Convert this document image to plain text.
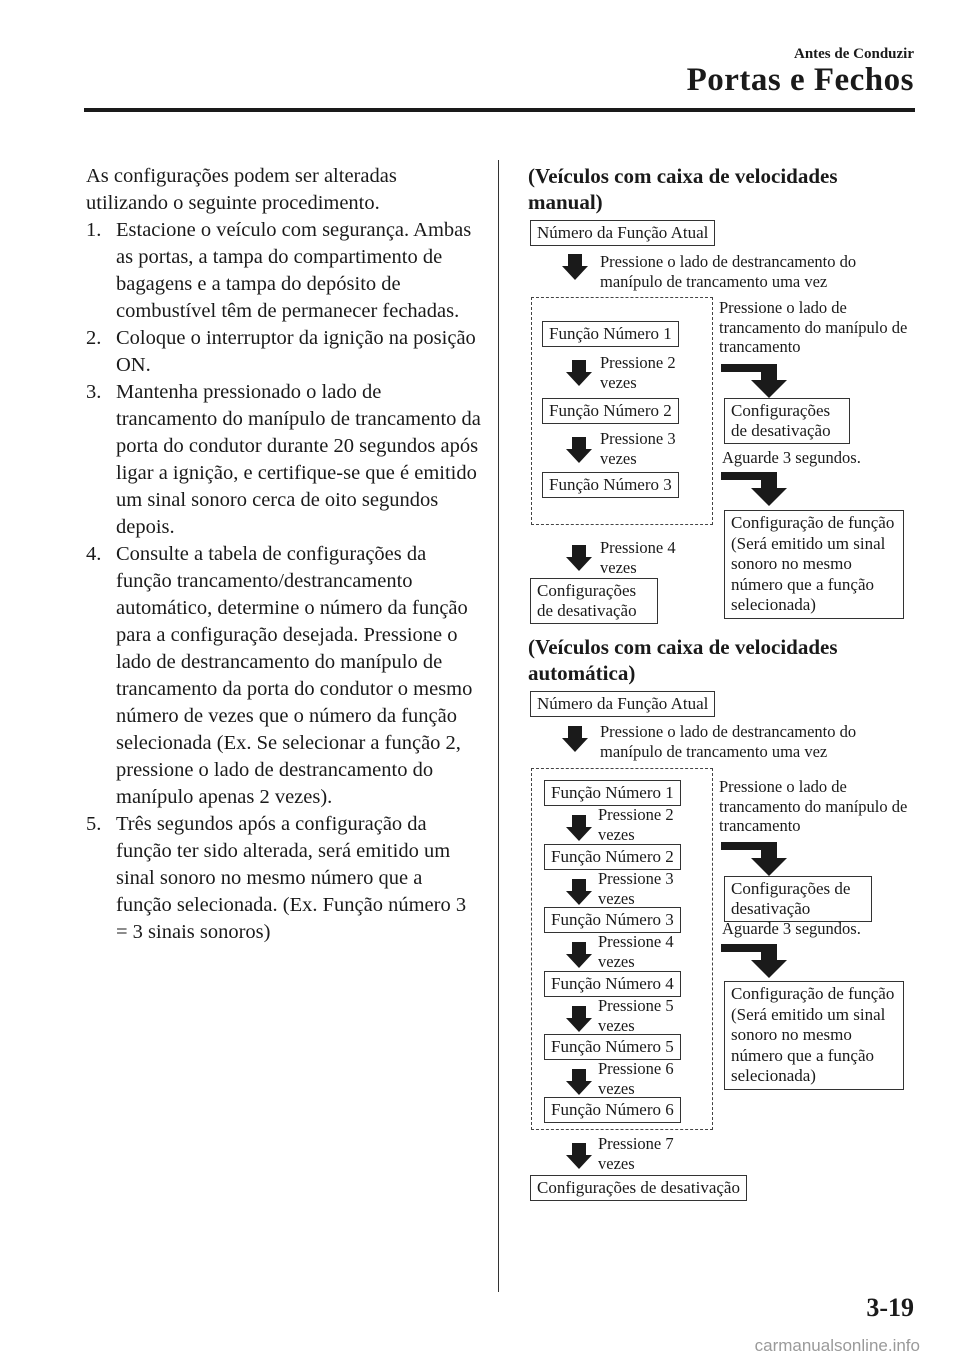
Antes de Conduzir
Portas e Fechos

As configurações podem ser alteradas utilizando o seguinte procedimento.

1. Estacione o veículo com segurança. Ambas as portas, a tampa do compartimento de bagagens e a tampa do depósito de combustível têm de permanecer fechadas.
2. Coloque o interruptor da ignição na posição ON.
3. Mantenha pressionado o lado de trancamento do manípulo de trancamento da porta do condutor durante 20 segundos após ligar a ignição, e certifique-se que é emitido um sinal sonoro cerca de oito segundos depois.
4. Consulte a tabela de configurações da função trancamento/destrancamento automático, determine o número da função para a configuração desejada. Pressione o lado de destrancamento do manípulo de trancamento da porta do condutor o mesmo número de vezes que o número da função selecionada (Ex. Se selecionar a função 2, pressione o lado de destrancamento do manípulo apenas 2 vezes).
5. Três segundos após a configuração da função ter sido alterada, será emitido um sinal sonoro no mesmo número que a função selecionada. (Ex. Função número 3 = 3 sinais sonoros)
(Veículos com caixa de velocidades manual)
Número da Função Atual
Pressione o lado de destrancamento do manípulo de trancamento uma vez
Função Número 1
Pressione 2 vezes
Função Número 2
Pressione 3 vezes
Função Número 3
Pressione 4 vezes
Configurações de desativação
Pressione o lado de trancamento do manípulo de trancamento
Configurações de desativação
Aguarde 3 segundos.
Configuração de função (Será emitido um sinal sonoro no mesmo número que a função selecionada)
(Veículos com caixa de velocidades automática)
Número da Função Atual
Pressione o lado de destrancamento do manípulo de trancamento uma vez
Função Número 1
Pressione 2 vezes
Função Número 2
Pressione 3 vezes
Função Número 3
Pressione 4 vezes
Função Número 4
Pressione 5 vezes
Função Número 5
Pressione 6 vezes
Função Número 6
Pressione 7 vezes
Configurações de desativação
Pressione o lado de trancamento do manípulo de trancamento
Configurações de desativação
Aguarde 3 segundos.
Configuração de função (Será emitido um sinal sonoro no mesmo número que a função selecionada)
3-19
carmanualsonline.info
